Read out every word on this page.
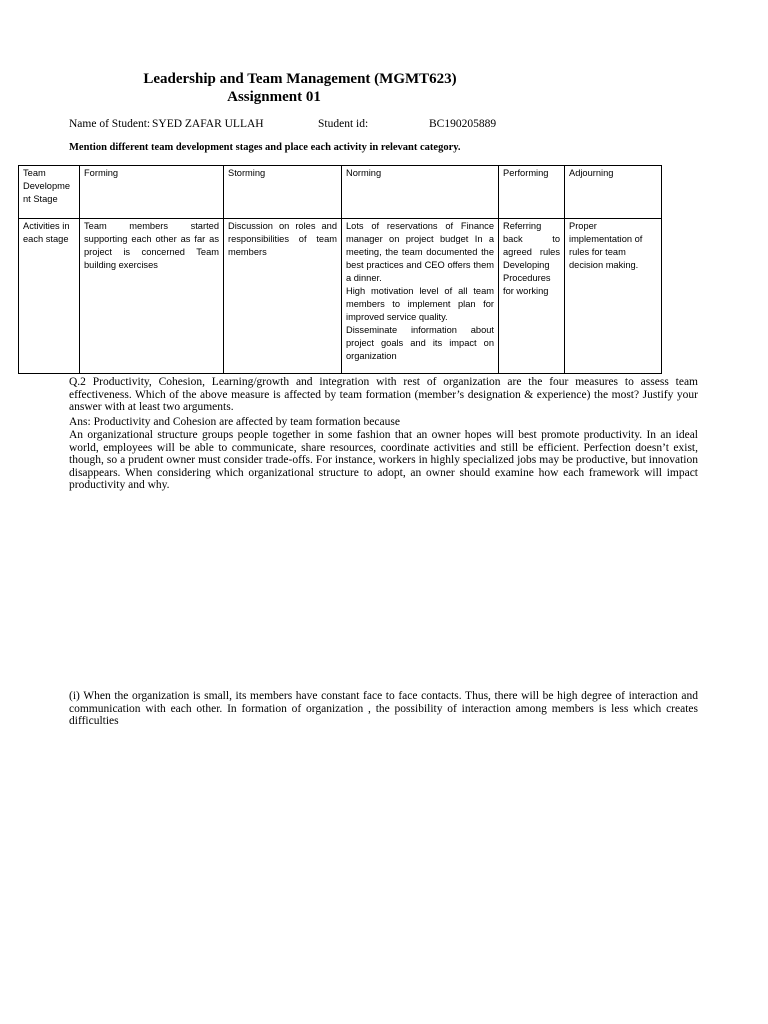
Leadership and Team Management (MGMT623)
Assignment 01
Name of Student: SYED ZAFAR ULLAH	Student id:	BC190205889
Mention different team development stages and place each activity in relevant category.
Team Developme nt Stage	Forming	Storming	Norming	Performing	Adjourning
Activities in each stage	Team members started supporting each other as far as project is concerned Team building exercises	Discussion on roles and responsibilities of team members	Lots of reservations of Finance manager on project budget In a meeting, the team documented the best practices and CEO offers them a dinner.
High motivation level of all team members to implement plan for improved service quality.
Disseminate information about project goals and its impact on organization	Referring back to agreed rules Developing Procedures for working	Proper implementation of rules for team decision making.
Q.2 Productivity, Cohesion, Learning/growth and integration with rest of organization are the four measures to assess team effectiveness. Which of the above measure is affected by team formation (member’s designation & experience) the most? Justify your answer with at least two arguments.
Ans: Productivity and Cohesion are affected by team formation because
An organizational structure groups people together in some fashion that an owner hopes will best promote productivity. In an ideal world, employees will be able to communicate, share resources, coordinate activities and still be efficient. Perfection doesn’t exist, though, so a prudent owner must consider trade-offs. For instance, workers in highly specialized jobs may be productive, but innovation disappears. When considering which organizational structure to adopt, an owner should examine how each framework will impact productivity and why.
(i) When the organization is small, its members have constant face to face contacts. Thus, there will be high degree of interaction and communication with each other. In formation of organization , the possibility of interaction among members is less which creates difficulties
